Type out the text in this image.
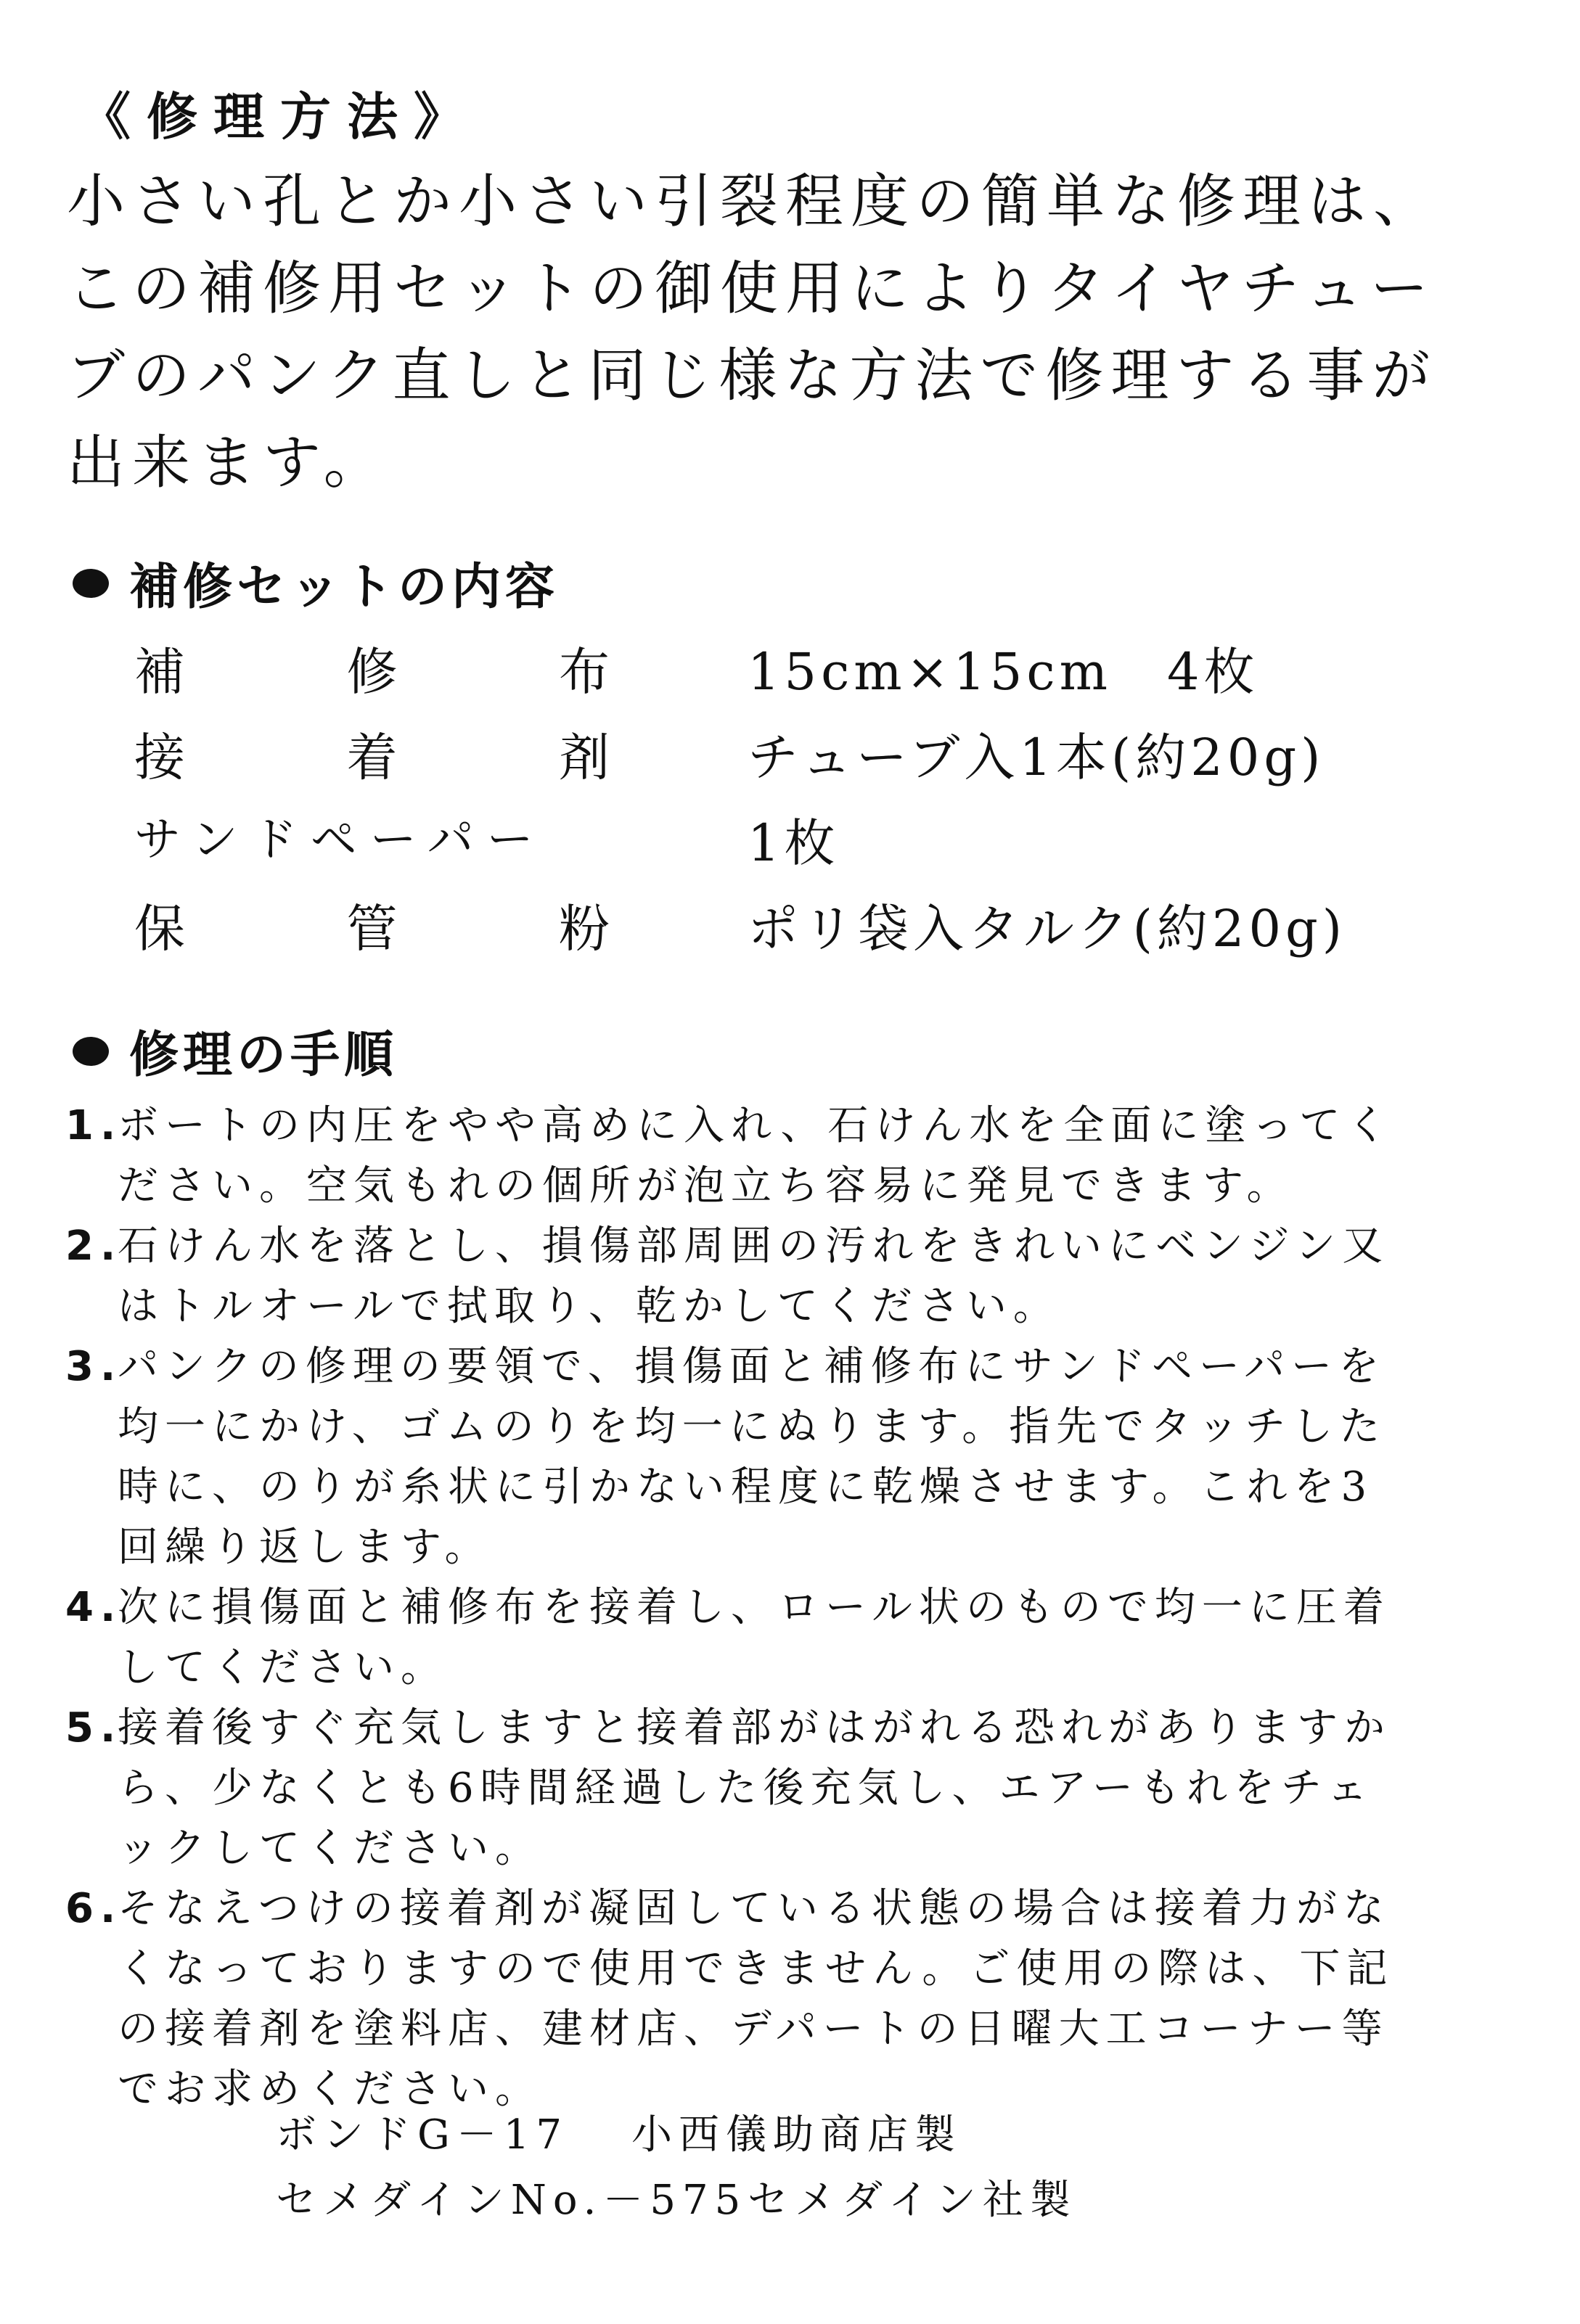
《修理方法》
小さい孔とか小さい引裂程度の簡単な修理は、
この補修用セットの御使用によりタイヤチュー
ブのパンク直しと同じ様な方法で修理する事が
出来ます。
補修セットの内容
補	修	布	15cm×15cm　4枚
接	着	剤	チューブ入1本(約20g)
サンドペーパー	1枚
保	管	粉	ポリ袋入タルク(約20g)
修理の手順
1.
ボートの内圧をやや高めに入れ、石けん水を全面に塗ってく
ださい。空気もれの個所が泡立ち容易に発見できます。
2.
石けん水を落とし、損傷部周囲の汚れをきれいにベンジン又
はトルオールで拭取り、乾かしてください。
3.
パンクの修理の要領で、損傷面と補修布にサンドペーパーを
均一にかけ、ゴムのりを均一にぬります。指先でタッチした
時に、のりが糸状に引かない程度に乾燥させます。これを3
回繰り返します。
4.
次に損傷面と補修布を接着し、ロール状のもので均一に圧着
してください。
5.
接着後すぐ充気しますと接着部がはがれる恐れがありますか
ら、少なくとも6時間経過した後充気し、エアーもれをチェ
ックしてください。
6.
そなえつけの接着剤が凝固している状態の場合は接着力がな
くなっておりますので使用できません。ご使用の際は、下記
の接着剤を塗料店、建材店、デパートの日曜大工コーナー等
でお求めください。
ボンドG－17 小西儀助商店製
セメダインNo.－575 セメダイン社製
